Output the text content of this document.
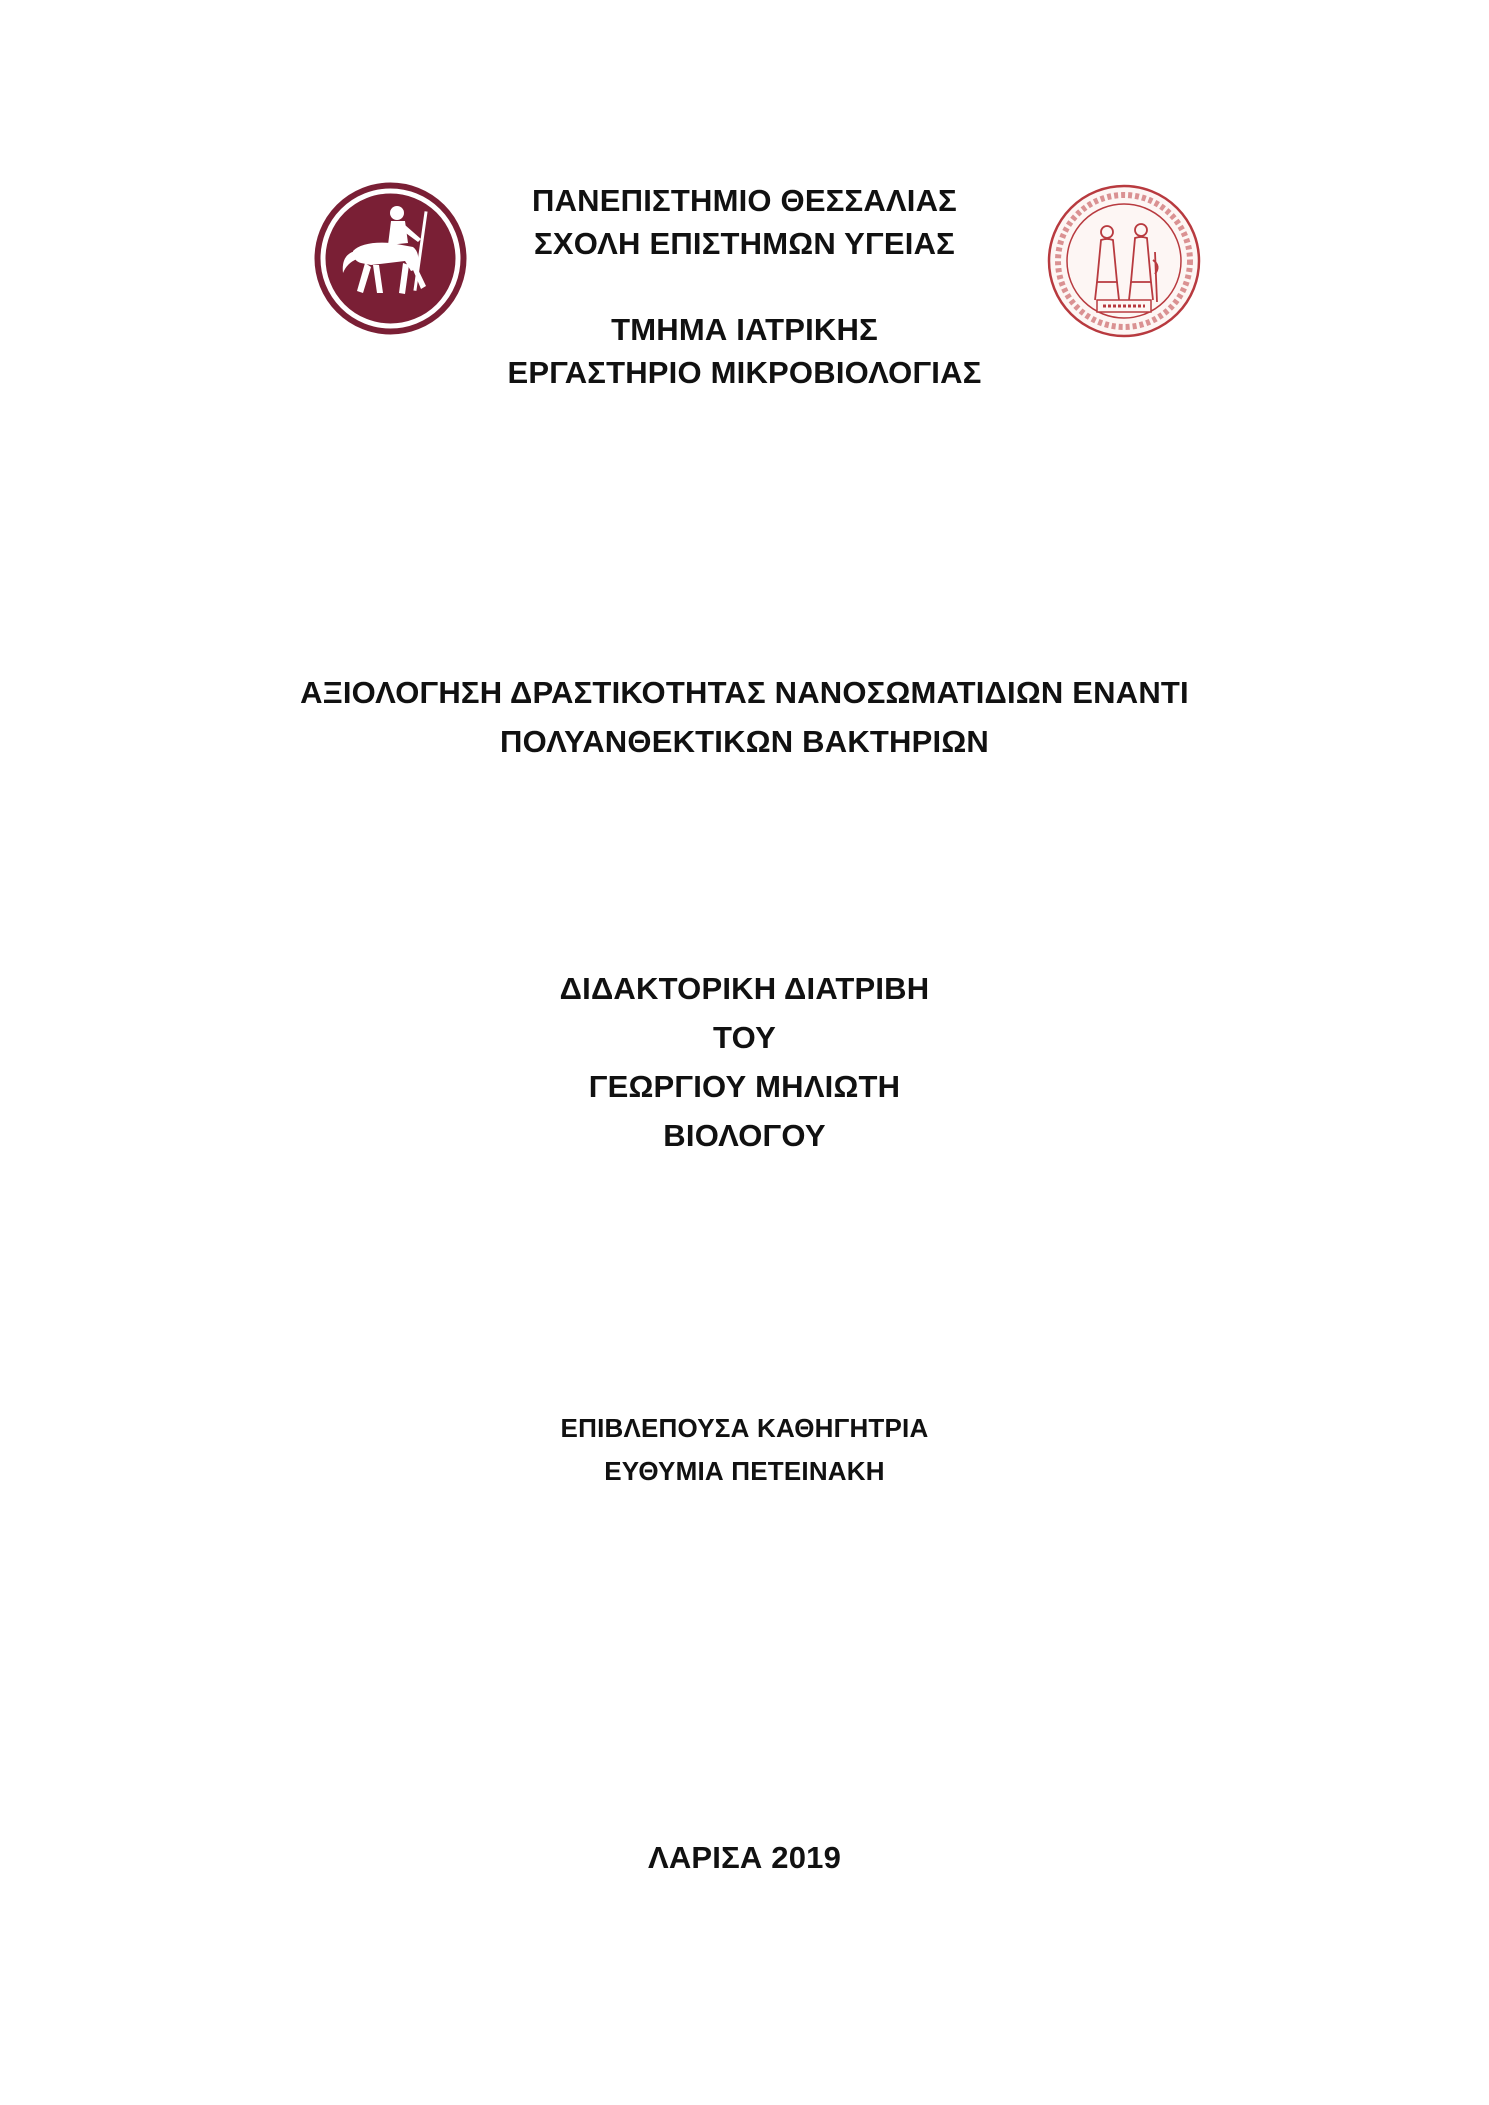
ΠΑΝΕΠΙΣΤΗΜΙΟ ΘΕΣΣΑΛΙΑΣ
ΣΧΟΛΗ ΕΠΙΣΤΗΜΩΝ ΥΓΕΙΑΣ
ΤΜΗΜΑ ΙΑΤΡΙΚΗΣ
ΕΡΓΑΣΤΗΡΙΟ ΜΙΚΡΟΒΙΟΛΟΓΙΑΣ
ΑΞΙΟΛΟΓΗΣΗ ΔΡΑΣΤΙΚΟΤΗΤΑΣ ΝΑΝΟΣΩΜΑΤΙΔΙΩΝ ΕΝΑΝΤΙ
ΠΟΛΥΑΝΘΕΚΤΙΚΩΝ ΒΑΚΤΗΡΙΩΝ
ΔΙΔΑΚΤΟΡΙΚΗ ΔΙΑΤΡΙΒΗ
ΤΟΥ
ΓΕΩΡΓΙΟΥ ΜΗΛΙΩΤΗ
ΒΙΟΛΟΓΟΥ
ΕΠΙΒΛΕΠΟΥΣΑ ΚΑΘΗΓΗΤΡΙΑ
ΕΥΘΥΜΙΑ ΠΕΤΕΙΝΑΚΗ
ΛΑΡΙΣΑ 2019
